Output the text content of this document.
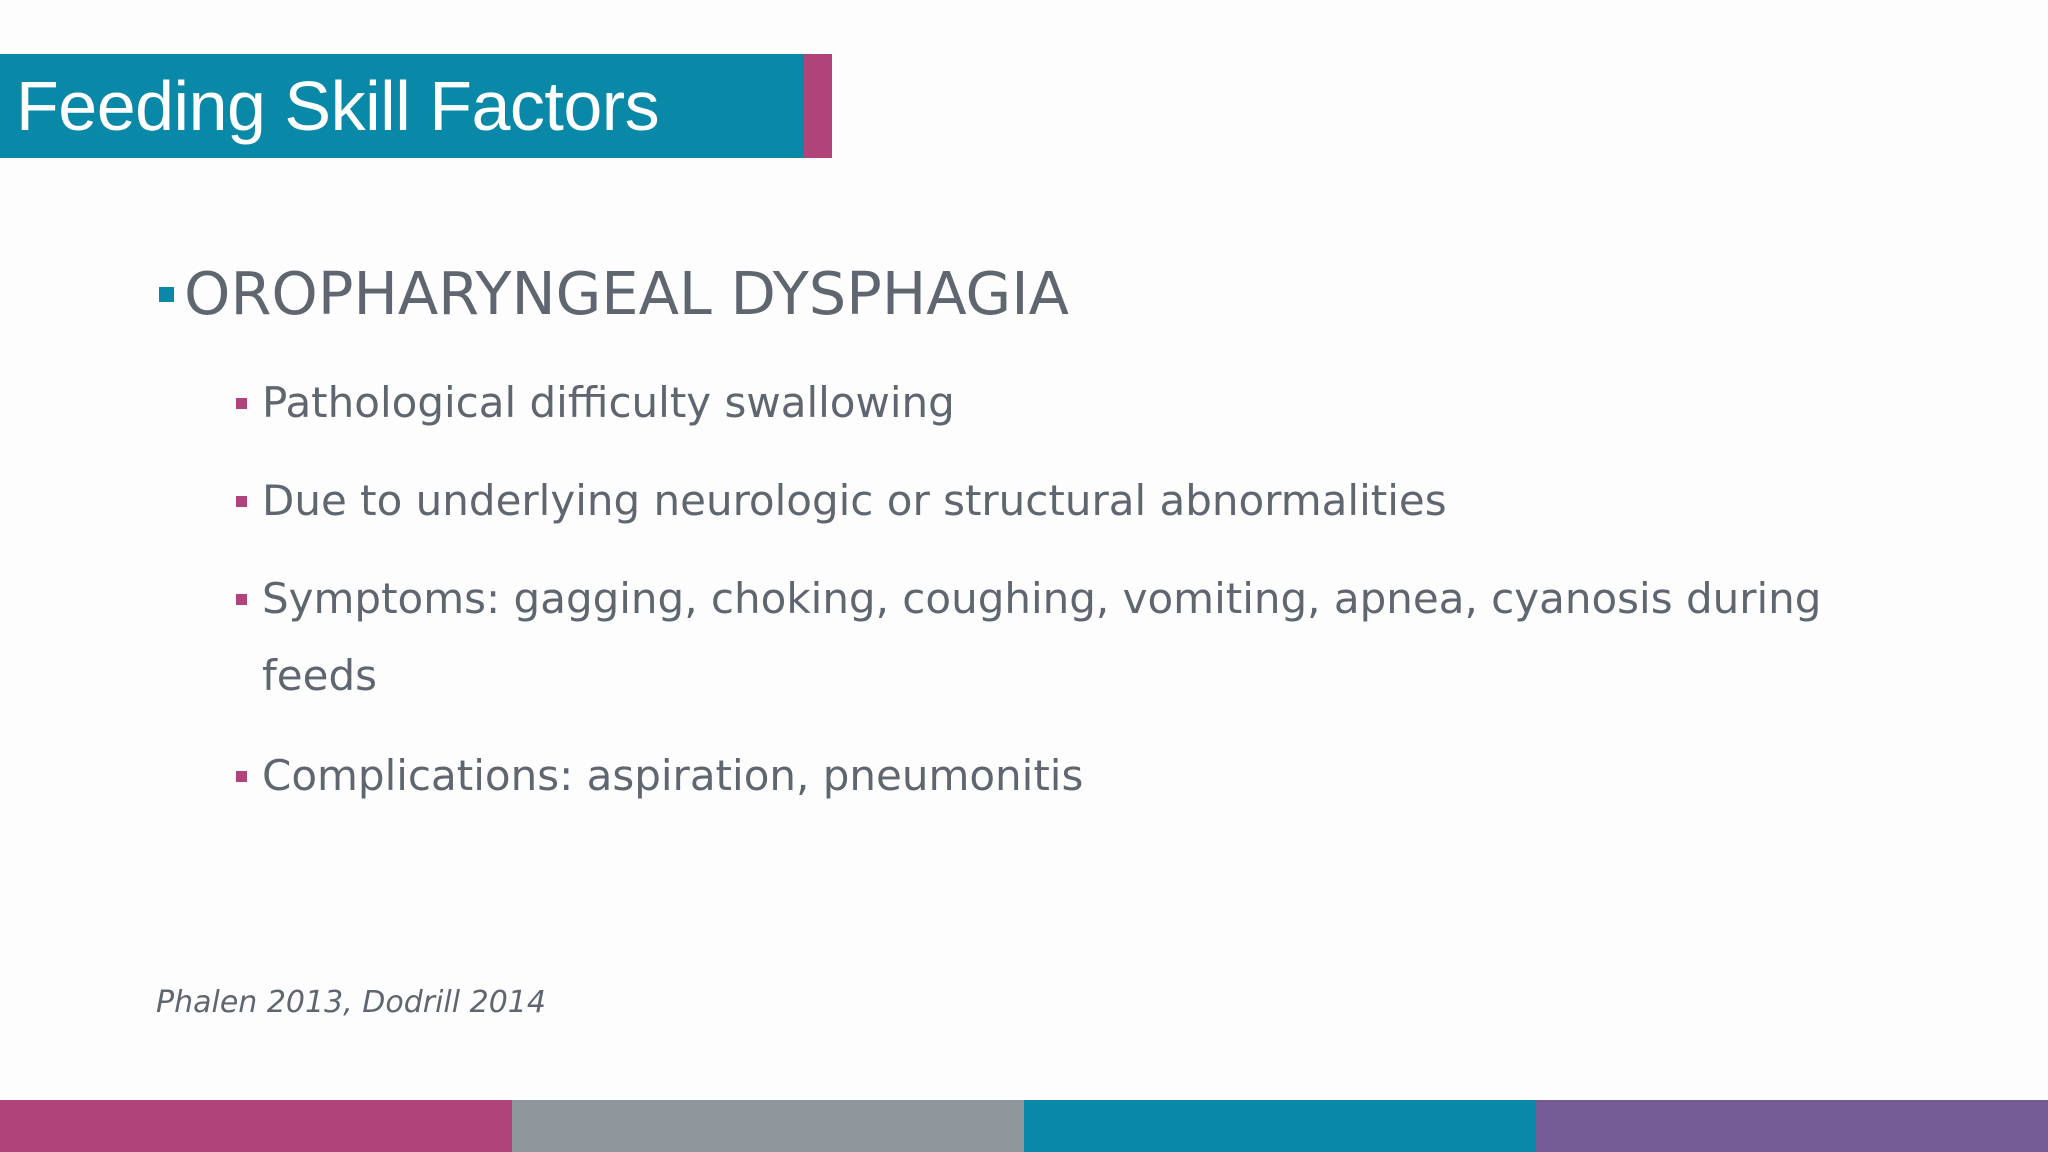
Feeding Skill Factors
OROPHARYNGEAL DYSPHAGIA
Pathological difficulty swallowing
Due to underlying neurologic or structural abnormalities
Symptoms: gagging, choking, coughing, vomiting, apnea, cyanosis during feeds
Complications: aspiration, pneumonitis
Phalen 2013, Dodrill 2014
